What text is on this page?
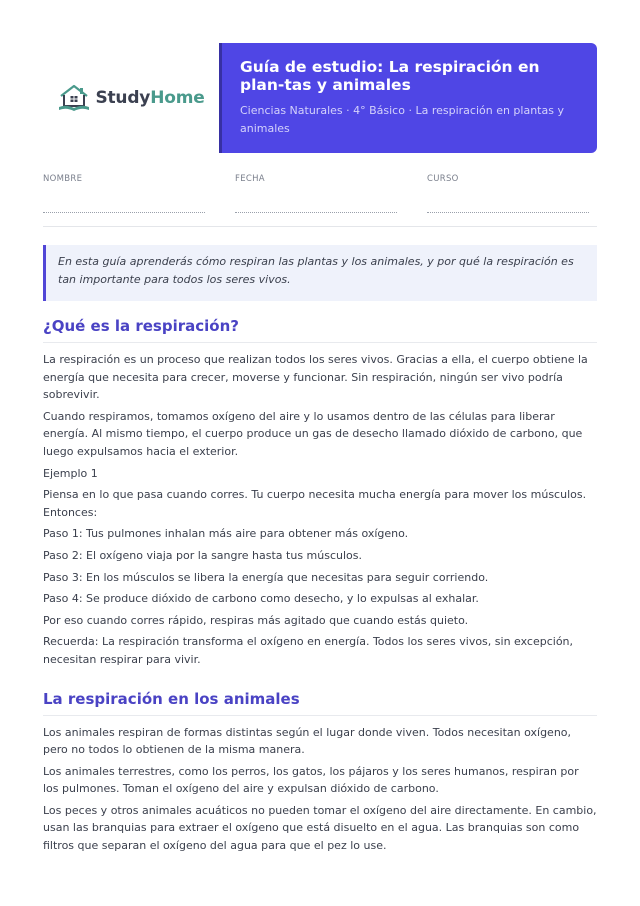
StudyHome
Guía de estudio: La respiración en plan-tas y animales
Ciencias Naturales · 4° Básico · La respiración en plantas y animales
NOMBRE	FECHA	CURSO
En esta guía aprenderás cómo respiran las plantas y los animales, y por qué la respiración es tan importante para todos los seres vivos.
¿Qué es la respiración?

La respiración es un proceso que realizan todos los seres vivos. Gracias a ella, el cuerpo obtiene la energía que necesita para crecer, moverse y funcionar. Sin respiración, ningún ser vivo podría sobrevivir.

Cuando respiramos, tomamos oxígeno del aire y lo usamos dentro de las células para liberar energía. Al mismo tiempo, el cuerpo produce un gas de desecho llamado dióxido de carbono, que luego expulsamos hacia el exterior.

Ejemplo 1

Piensa en lo que pasa cuando corres. Tu cuerpo necesita mucha energía para mover los músculos. Entonces:

Paso 1: Tus pulmones inhalan más aire para obtener más oxígeno.

Paso 2: El oxígeno viaja por la sangre hasta tus músculos.

Paso 3: En los músculos se libera la energía que necesitas para seguir corriendo.

Paso 4: Se produce dióxido de carbono como desecho, y lo expulsas al exhalar.

Por eso cuando corres rápido, respiras más agitado que cuando estás quieto.

Recuerda: La respiración transforma el oxígeno en energía. Todos los seres vivos, sin excepción, necesitan respirar para vivir.

La respiración en los animales

Los animales respiran de formas distintas según el lugar donde viven. Todos necesitan oxígeno, pero no todos lo obtienen de la misma manera.

Los animales terrestres, como los perros, los gatos, los pájaros y los seres humanos, respiran por los pulmones. Toman el oxígeno del aire y expulsan dióxido de carbono.

Los peces y otros animales acuáticos no pueden tomar el oxígeno del aire directamente. En cambio, usan las branquias para extraer el oxígeno que está disuelto en el agua. Las branquias son como filtros que separan el oxígeno del agua para que el pez lo use.
